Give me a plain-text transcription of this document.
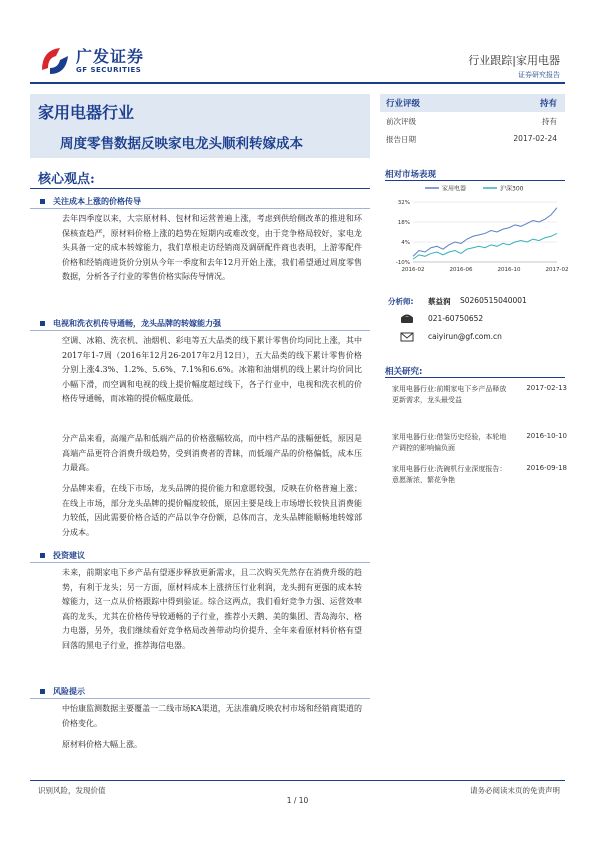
广发证券
GF SECURITIES
行业跟踪|家用电器
证券研究报告
家用电器行业
周度零售数据反映家电龙头顺利转嫁成本
行业评级	持有
前次评级	持有
报告日期	2017-02-24
相对市场表现
家用电器	沪深300
32%
18%
4%
-10%
2016-02	2016-06	2016-10	2017-02
分析师: 蔡益润 S0260515040001
021-60750652
caiyirun@gf.com.cn
相关研究:
家用电器行业:前期家电下乡产品释放更新需求，龙头最受益
2017-02-13
家用电器行业:借鉴历史经验，本轮地产调控的影响偏负面
2016-10-10
家用电器行业:洗碗机行业深度报告：意愿渐浓，繁花争艳
2016-09-18
核心观点:
关注成本上涨的价格传导
去年四季度以来，大宗原材料、包材和运营普遍上涨，考虑到供给侧改革的推进和环保核查趋严，原材料价格上涨的趋势在短期内或难改变，由于竞争格局较好，家电龙头具备一定的成本转嫁能力，我们草根走访经销商及调研配件商也表明，上游零配件价格和经销商进货价分别从今年一季度和去年12月开始上涨，我们希望通过周度零售数据，分析各子行业的零售价格实际传导情况。
电视和洗衣机传导通畅，龙头品牌的转嫁能力强
空调、冰箱、洗衣机、油烟机、彩电等五大品类的线下累计零售价均同比上涨，其中2017年1-7周（2016年12月26-2017年2月12日），五大品类的线下累计零售价格分别上涨4.3%、1.2%、5.6%、7.1%和6.6%。冰箱和油烟机的线上累计均价同比小幅下滑，而空调和电视的线上提价幅度超过线下，各子行业中，电视和洗衣机的价格传导通畅，而冰箱的提价幅度最低。
分产品来看，高端产品和低端产品的价格涨幅较高，而中档产品的涨幅便低，原因是高端产品更符合消费升级趋势，受到消费者的青睐，而低端产品的价格偏低，成本压力最高。
分品牌来看，在线下市场，龙头品牌的提价能力和意愿较强，反映在价格普遍上涨；在线上市场，部分龙头品牌的提价幅度较低，原因主要是线上市场增长较快且消费能力较低，因此需要价格合适的产品以争夺份额，总体而言，龙头品牌能顺畅地转嫁部分成本。
投资建议
未来，前期家电下乡产品有望逐步释放更新需求，且二次购买先然存在消费升级的趋势，有利于龙头；另一方面，原材料成本上涨挤压行业利润，龙头拥有更强的成本转嫁能力，这一点从价格跟踪中得到验证。综合这两点，我们看好竞争力强、运营效率高的龙头，尤其在价格传导较通畅的子行业，推荐小天鹅、美的集团、青岛海尔、格力电器，另外，我们继续看好竞争格局改善带动均价提升、全年来看原材料价格有望回落的黑电子行业，推荐海信电器。
风险提示
中怡康监测数据主要覆盖一二线市场KA渠道，无法准确反映农村市场和经销商渠道的价格变化。
原材料价格大幅上涨。
识别风险，发现价值	请务必阅读末页的免责声明
1 / 10
